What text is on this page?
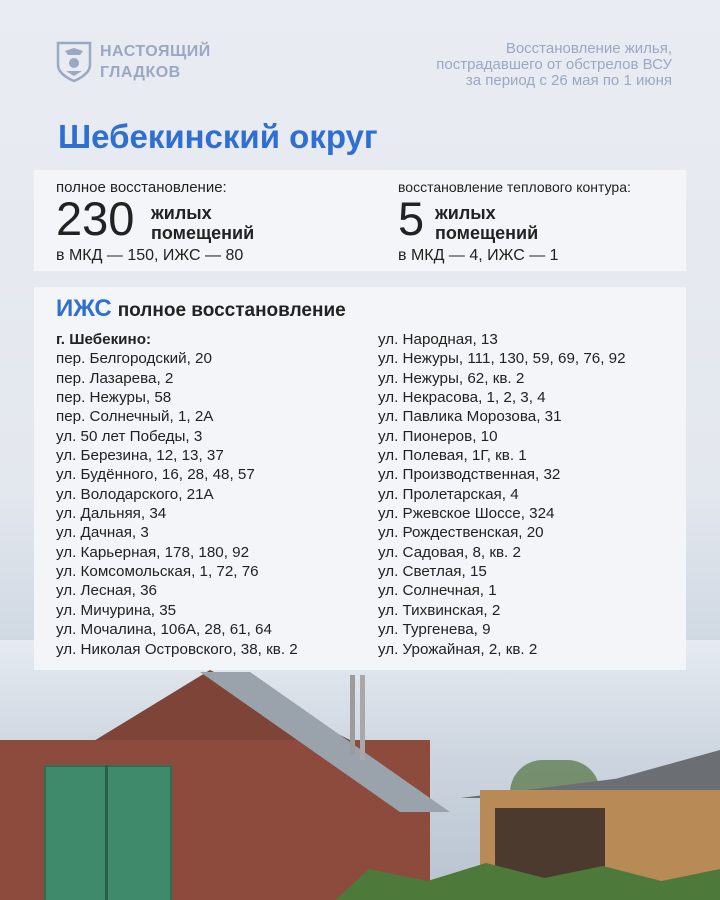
НАСТОЯЩИЙ
ГЛАДКОВ
Восстановление жилья,
пострадавшего от обстрелов ВСУ
за период с 26 мая по 1 июня
Шебекинский округ
полное восстановление:
230 жилых
помещений
в МКД — 150, ИЖС — 80
восстановление теплового контура:
5 жилых
помещений
в МКД — 4, ИЖС — 1
ИЖС полное восстановление
г. Шебекино:
пер. Белгородский, 20
пер. Лазарева, 2
пер. Нежуры, 58
пер. Солнечный, 1, 2А
ул. 50 лет Победы, 3
ул. Березина, 12, 13, 37
ул. Будённого, 16, 28, 48, 57
ул. Володарского, 21А
ул. Дальняя, 34
ул. Дачная, 3
ул. Карьерная, 178, 180, 92
ул. Комсомольская, 1, 72, 76
ул. Лесная, 36
ул. Мичурина, 35
ул. Мочалина, 106А, 28, 61, 64
ул. Николая Островского, 38, кв. 2
ул. Народная, 13
ул. Нежуры, 111, 130, 59, 69, 76, 92
ул. Нежуры, 62, кв. 2
ул. Некрасова, 1, 2, 3, 4
ул. Павлика Морозова, 31
ул. Пионеров, 10
ул. Полевая, 1Г, кв. 1
ул. Производственная, 32
ул. Пролетарская, 4
ул. Ржевское Шоссе, 324
ул. Рождественская, 20
ул. Садовая, 8, кв. 2
ул. Светлая, 15
ул. Солнечная, 1
ул. Тихвинская, 2
ул. Тургенева, 9
ул. Урожайная, 2, кв. 2
